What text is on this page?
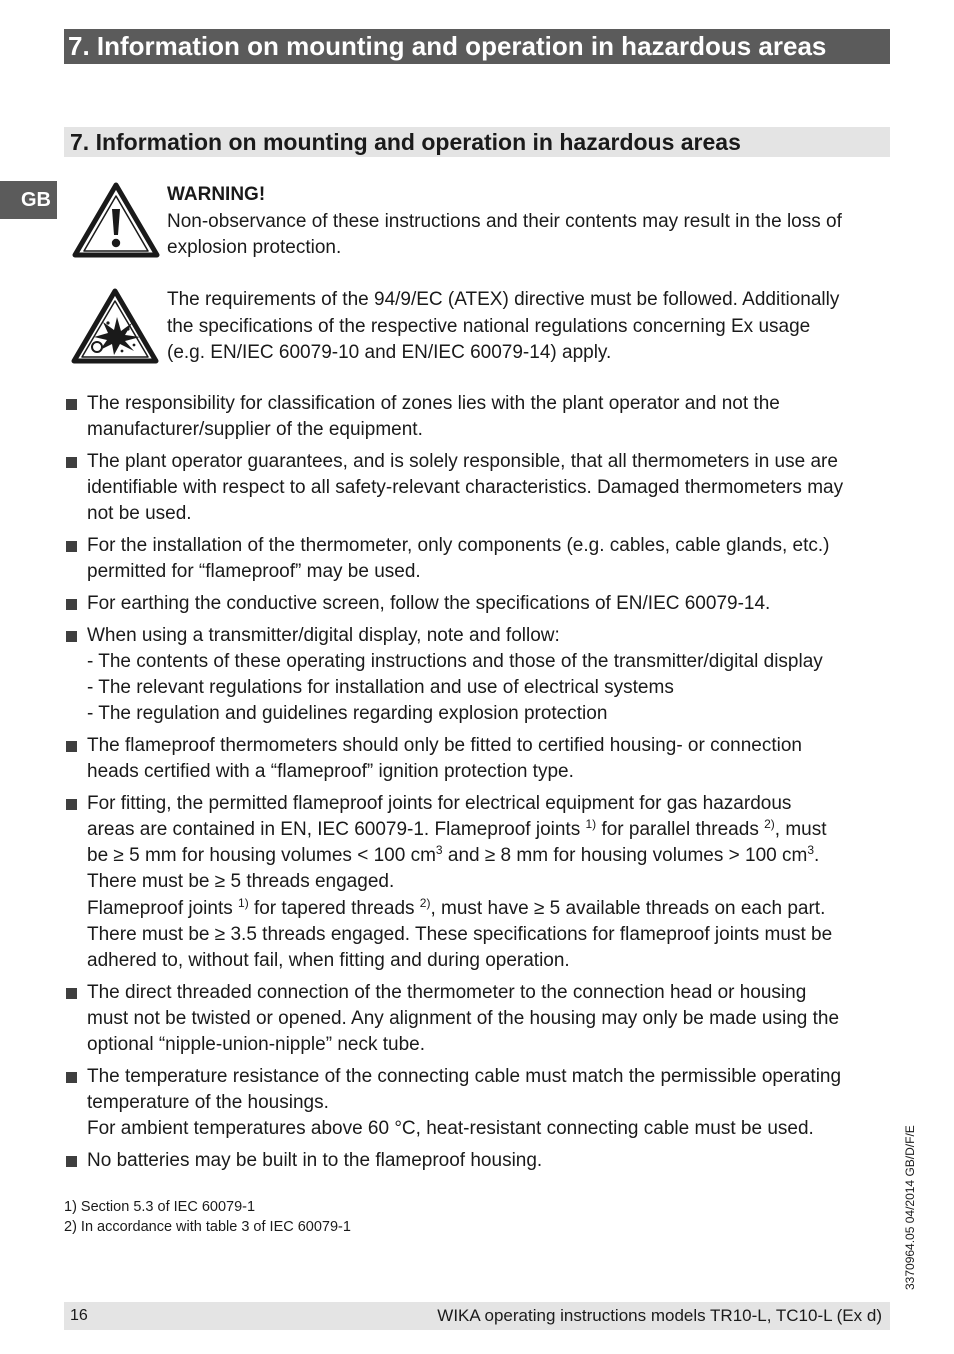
7. Information on mounting and operation in hazardous areas
7. Information on mounting and operation in hazardous areas
GB	WARNING!
Non-observance of these instructions and their contents may result in the loss of
explosion protection.
The requirements of the 94/9/EC (ATEX) directive must be followed. Additionally
the specifications of the respective national regulations concerning Ex usage
(e.g. EN/IEC 60079-10 and EN/IEC 60079-14) apply.
The responsibility for classification of zones lies with the plant operator and not the
manufacturer/supplier of the equipment.
The plant operator guarantees, and is solely responsible, that all thermometers in use are
identifiable with respect to all safety-relevant characteristics. Damaged thermometers may
not be used.
For the installation of the thermometer, only components (e.g. cables, cable glands, etc.)
permitted for “flameproof” may be used.
For earthing the conductive screen, follow the specifications of EN/IEC 60079-14.
When using a transmitter/digital display, note and follow:
- The contents of these operating instructions and those of the transmitter/digital display
- The relevant regulations for installation and use of electrical systems
- The regulation and guidelines regarding explosion protection
The flameproof thermometers should only be fitted to certified housing- or connection
heads certified with a “flameproof” ignition protection type.
For fitting, the permitted flameproof joints for electrical equipment for gas hazardous
areas are contained in EN, IEC 60079-1. Flameproof joints $^{1)}$ for parallel threads $^{2)}$, must
be ≥ 5 mm for housing volumes < 100 $cm^3$ and ≥ 8 mm for housing volumes > 100 $cm^3$.
There must be ≥ 5 threads engaged.
Flameproof joints $^{1)}$ for tapered threads $^{2)}$, must have ≥ 5 available threads on each part.
There must be ≥ 3.5 threads engaged. These specifications for flameproof joints must be
adhered to, without fail, when fitting and during operation.
The direct threaded connection of the thermometer to the connection head or housing
must not be twisted or opened. Any alignment of the housing may only be made using the
optional “nipple-union-nipple” neck tube.
The temperature resistance of the connecting cable must match the permissible operating
temperature of the housings.
For ambient temperatures above 60 °C, heat-resistant connecting cable must be used.
No batteries may be built in to the flameproof housing.
1) Section 5.3 of IEC 60079-1
2) In accordance with table 3 of IEC 60079-1	3370964.05 04/2014 GB/D/F/E
16	WIKA operating instructions models TR10-L, TC10-L (Ex d)
